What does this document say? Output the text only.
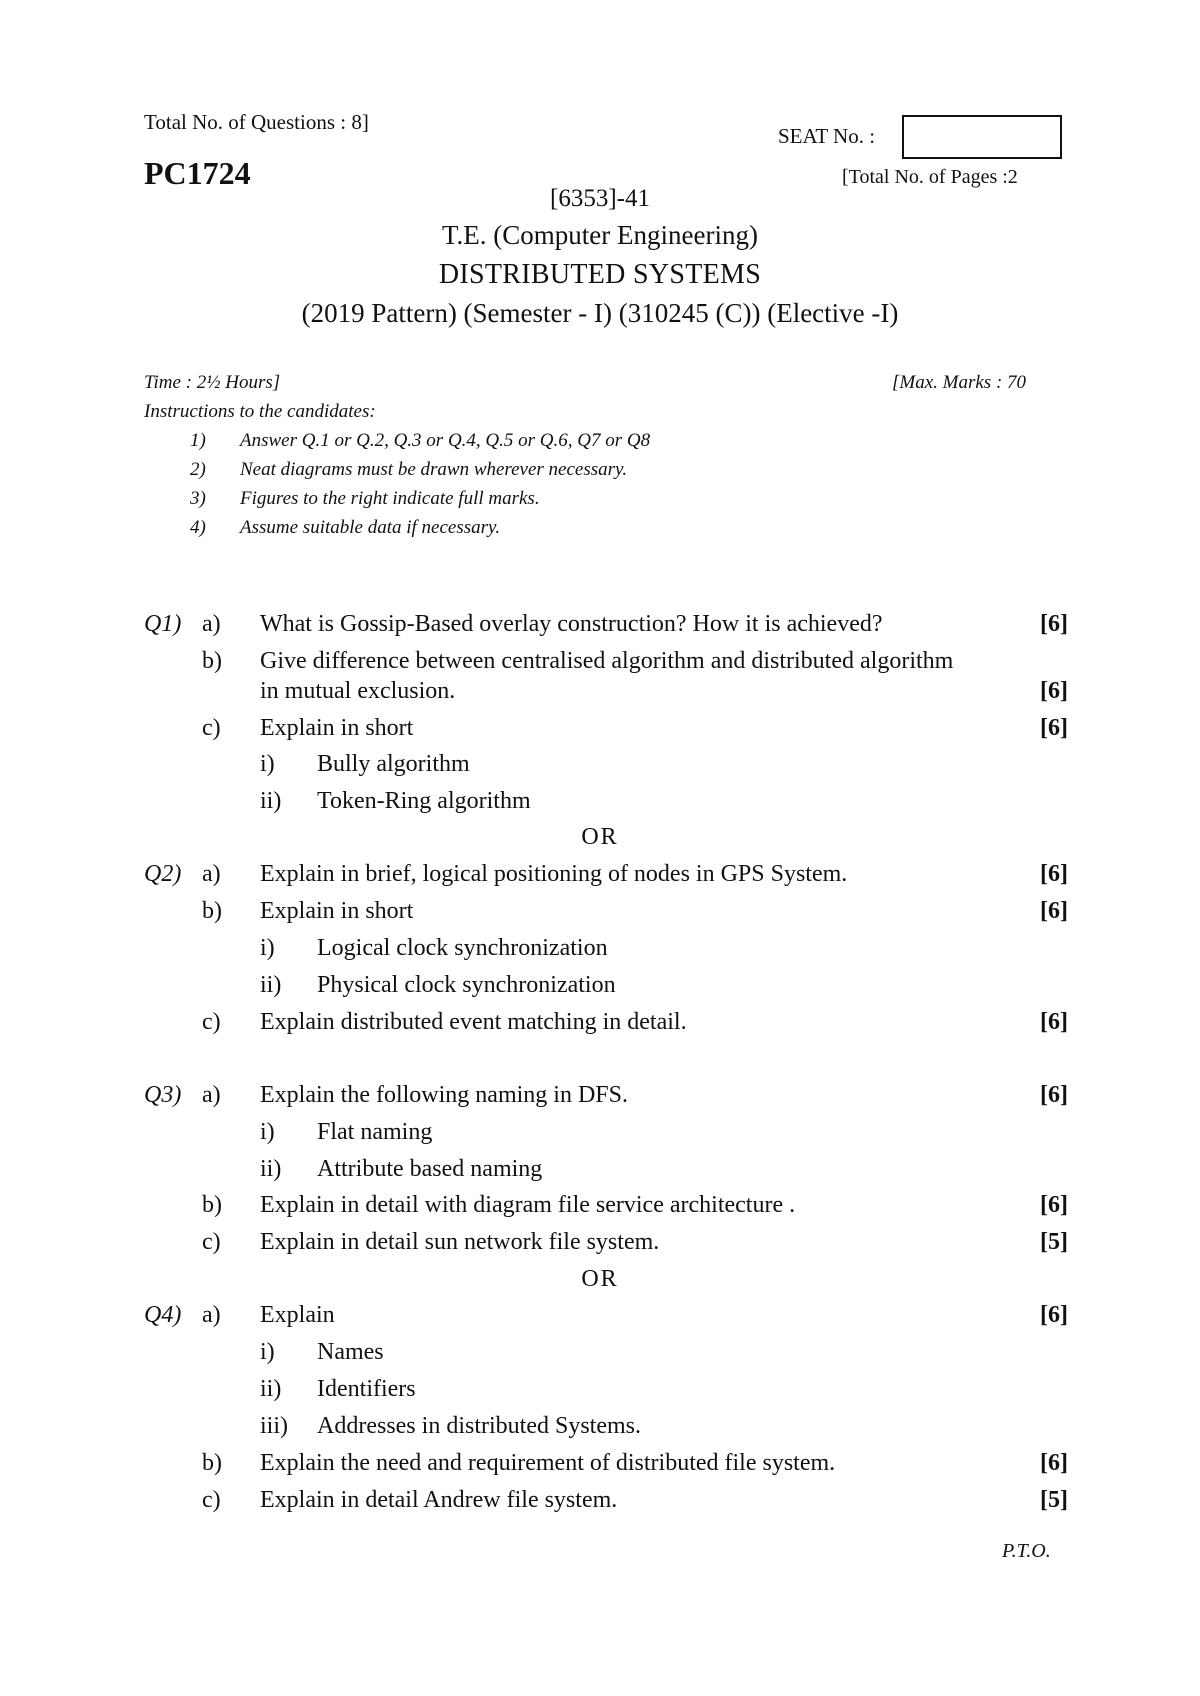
Total No. of Questions : 8]
SEAT No. :
PC1724	[Total No. of Pages :2
[6353]-41
T.E. (Computer Engineering)
DISTRIBUTED SYSTEMS
(2019 Pattern) (Semester - I) (310245 (C)) (Elective -I)
Time : 2½ Hours]	[Max. Marks : 70
Instructions to the candidates:
1) Answer Q.1 or Q.2, Q.3 or Q.4, Q.5 or Q.6, Q7 or Q8
2) Neat diagrams must be drawn wherever necessary.
3) Figures to the right indicate full marks.
4) Assume suitable data if necessary.
Q1) a) What is Gossip-Based overlay construction? How it is achieved?	[6]
b) Give difference between centralised algorithm and distributed algorithm
in mutual exclusion.	[6]
c) Explain in short	[6]
i) Bully algorithm
ii) Token-Ring algorithm
OR
Q2) a) Explain in brief, logical positioning of nodes in GPS System.	[6]
b) Explain in short	[6]
i) Logical clock synchronization
ii) Physical clock synchronization
c) Explain distributed event matching in detail.	[6]
Q3) a) Explain the following naming in DFS.	[6]
i) Flat naming
ii) Attribute based naming
b) Explain in detail with diagram file service architecture .	[6]
c) Explain in detail sun network file system.	[5]
OR
Q4) a) Explain	[6]
i) Names
ii) Identifiers
iii) Addresses in distributed Systems.
b) Explain the need and requirement of distributed file system.	[6]
c) Explain in detail Andrew file system.	[5]
P.T.O.
